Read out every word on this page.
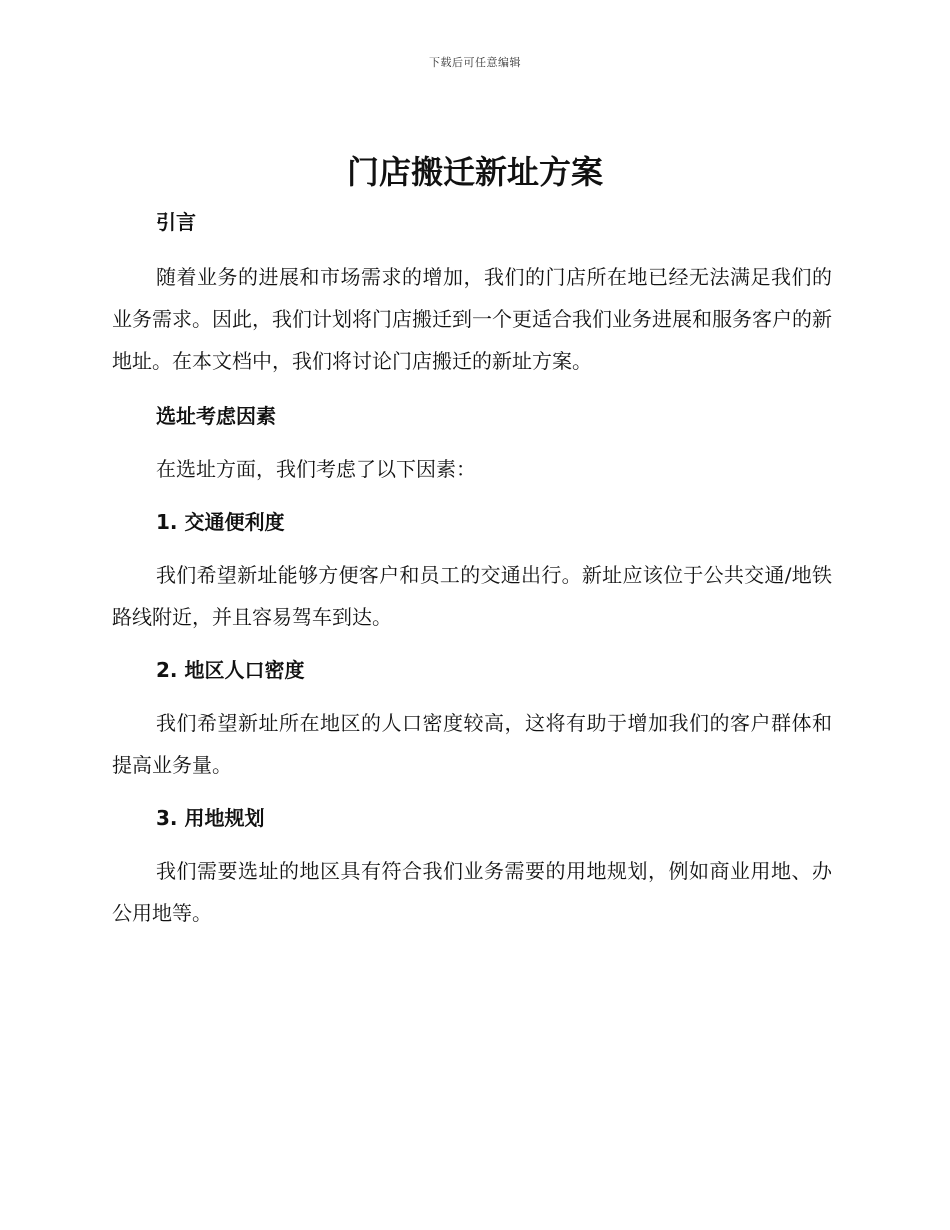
下载后可任意编辑
门店搬迁新址方案
引言

随着业务的进展和市场需求的增加，我们的门店所在地已经无法满足我们的业务需求。因此，我们计划将门店搬迁到一个更适合我们业务进展和服务客户的新地址。在本文档中，我们将讨论门店搬迁的新址方案。

选址考虑因素

在选址方面，我们考虑了以下因素：

1. 交通便利度

我们希望新址能够方便客户和员工的交通出行。新址应该位于公共交通/地铁路线附近，并且容易驾车到达。

2. 地区人口密度

我们希望新址所在地区的人口密度较高，这将有助于增加我们的客户群体和提高业务量。

3. 用地规划

我们需要选址的地区具有符合我们业务需要的用地规划，例如商业用地、办公用地等。
